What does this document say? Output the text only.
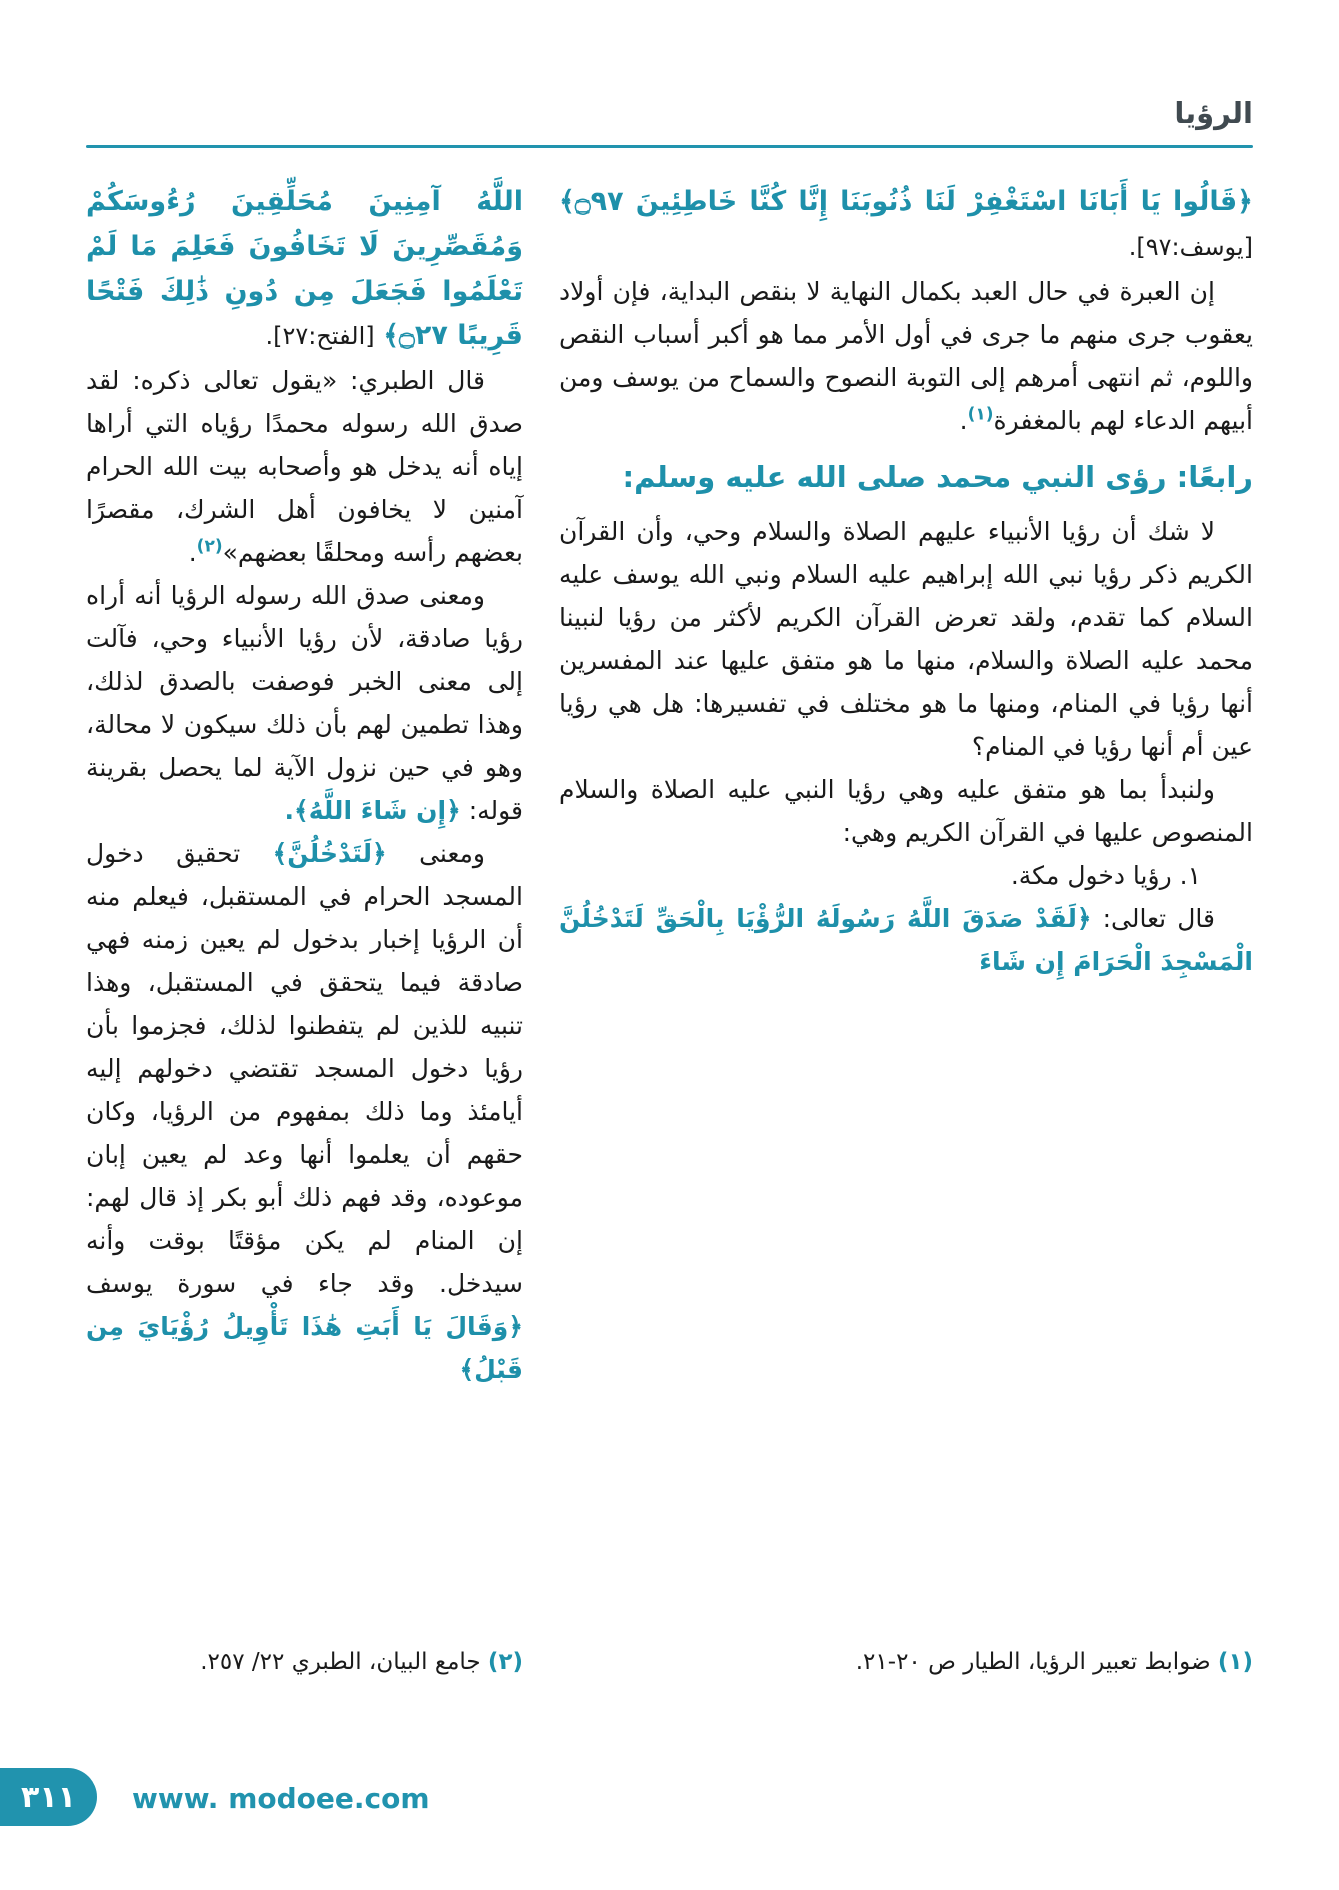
الرؤيا

﴿قَالُوا يَا أَبَانَا اسْتَغْفِرْ لَنَا ذُنُوبَنَا إِنَّا كُنَّا خَاطِئِينَ ۝٩٧﴾ [يوسف:٩٧].

إن العبرة في حال العبد بكمال النهاية لا بنقص البداية، فإن أولاد يعقوب جرى منهم ما جرى في أول الأمر مما هو أكبر أسباب النقص واللوم، ثم انتهى أمرهم إلى التوبة النصوح والسماح من يوسف ومن أبيهم الدعاء لهم بالمغفرة$^{(١)}$.

رابعًا: رؤى النبي محمد صلى الله عليه وسلم:

لا شك أن رؤيا الأنبياء عليهم الصلاة والسلام وحي، وأن القرآن الكريم ذكر رؤيا نبي الله إبراهيم عليه السلام ونبي الله يوسف عليه السلام كما تقدم، ولقد تعرض القرآن الكريم لأكثر من رؤيا لنبينا محمد عليه الصلاة والسلام، منها ما هو متفق عليها عند المفسرين أنها رؤيا في المنام، ومنها ما هو مختلف في تفسيرها: هل هي رؤيا عين أم أنها رؤيا في المنام؟

ولنبدأ بما هو متفق عليه وهي رؤيا النبي عليه الصلاة والسلام المنصوص عليها في القرآن الكريم وهي:

١. رؤيا دخول مكة.

قال تعالى: ﴿لَقَدْ صَدَقَ اللَّهُ رَسُولَهُ الرُّؤْيَا بِالْحَقِّ لَتَدْخُلُنَّ الْمَسْجِدَ الْحَرَامَ إِن شَاءَ

اللَّهُ آمِنِينَ مُحَلِّقِينَ رُءُوسَكُمْ وَمُقَصِّرِينَ لَا تَخَافُونَ فَعَلِمَ مَا لَمْ تَعْلَمُوا فَجَعَلَ مِن دُونِ ذَٰلِكَ فَتْحًا قَرِيبًا ۝٢٧﴾ [الفتح:٢٧].

قال الطبري: «يقول تعالى ذكره: لقد صدق الله رسوله محمدًا رؤياه التي أراها إياه أنه يدخل هو وأصحابه بيت الله الحرام آمنين لا يخافون أهل الشرك، مقصرًا بعضهم رأسه ومحلقًا بعضهم»$^{(٢)}$.

ومعنى صدق الله رسوله الرؤيا أنه أراه رؤيا صادقة، لأن رؤيا الأنبياء وحي، فآلت إلى معنى الخبر فوصفت بالصدق لذلك، وهذا تطمين لهم بأن ذلك سيكون لا محالة، وهو في حين نزول الآية لما يحصل بقرينة قوله: ﴿إِن شَاءَ اللَّهُ﴾.

ومعنى ﴿لَتَدْخُلُنَّ﴾ تحقيق دخول المسجد الحرام في المستقبل، فيعلم منه أن الرؤيا إخبار بدخول لم يعين زمنه فهي صادقة فيما يتحقق في المستقبل، وهذا تنبيه للذين لم يتفطنوا لذلك، فجزموا بأن رؤيا دخول المسجد تقتضي دخولهم إليه أيامئذ وما ذلك بمفهوم من الرؤيا، وكان حقهم أن يعلموا أنها وعد لم يعين إبان موعوده، وقد فهم ذلك أبو بكر إذ قال لهم: إن المنام لم يكن مؤقتًا بوقت وأنه سيدخل. وقد جاء في سورة يوسف ﴿وَقَالَ يَا أَبَتِ هَٰذَا تَأْوِيلُ رُؤْيَايَ مِن قَبْلُ﴾

(١) ضوابط تعبير الرؤيا، الطيار ص ٢٠-٢١.
(٢) جامع البيان، الطبري ٢٢/ ٢٥٧.
٣١١	www. modoee.com
